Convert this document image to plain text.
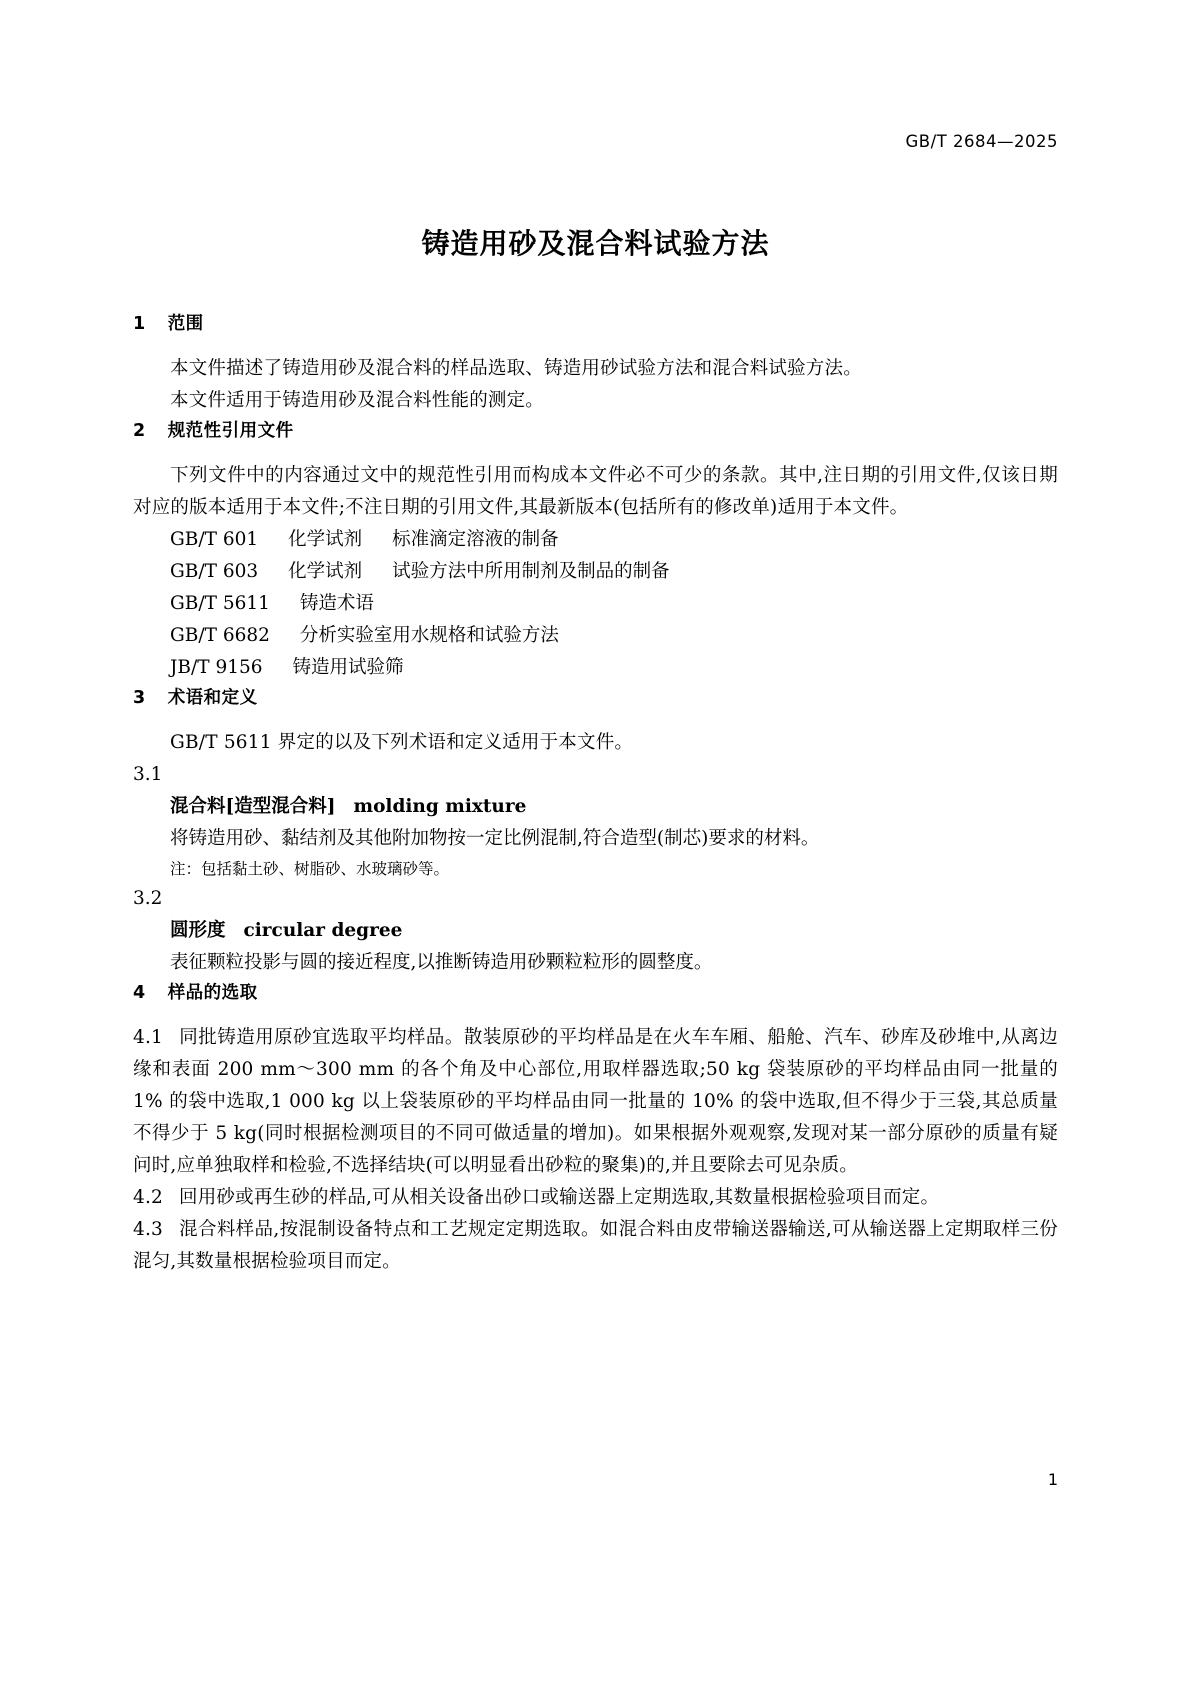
GB/T 2684—2025
铸造用砂及混合料试验方法
1 范围

本文件描述了铸造用砂及混合料的样品选取、铸造用砂试验方法和混合料试验方法。

本文件适用于铸造用砂及混合料性能的测定。

2 规范性引用文件

下列文件中的内容通过文中的规范性引用而构成本文件必不可少的条款。其中,注日期的引用文件,仅该日期对应的版本适用于本文件;不注日期的引用文件,其最新版本(包括所有的修改单)适用于本文件。

GB/T 601 化学试剂 标准滴定溶液的制备
GB/T 603 化学试剂 试验方法中所用制剂及制品的制备
GB/T 5611 铸造术语
GB/T 6682 分析实验室用水规格和试验方法
JB/T 9156 铸造用试验筛
3 术语和定义

GB/T 5611 界定的以及下列术语和定义适用于本文件。

3.1
混合料[造型混合料] molding mixture
将铸造用砂、黏结剂及其他附加物按一定比例混制,符合造型(制芯)要求的材料。
注：包括黏土砂、树脂砂、水玻璃砂等。
3.2
圆形度 circular degree
表征颗粒投影与圆的接近程度,以推断铸造用砂颗粒粒形的圆整度。
4 样品的选取

4.1 同批铸造用原砂宜选取平均样品。散装原砂的平均样品是在火车车厢、船舱、汽车、砂库及砂堆中,从离边缘和表面 200 mm～300 mm 的各个角及中心部位,用取样器选取;50 kg 袋装原砂的平均样品由同一批量的 1% 的袋中选取,1 000 kg 以上袋装原砂的平均样品由同一批量的 10% 的袋中选取,但不得少于三袋,其总质量不得少于 5 kg(同时根据检测项目的不同可做适量的增加)。如果根据外观观察,发现对某一部分原砂的质量有疑问时,应单独取样和检验,不选择结块(可以明显看出砂粒的聚集)的,并且要除去可见杂质。

4.2 回用砂或再生砂的样品,可从相关设备出砂口或输送器上定期选取,其数量根据检验项目而定。

4.3 混合料样品,按混制设备特点和工艺规定定期选取。如混合料由皮带输送器输送,可从输送器上定期取样三份混匀,其数量根据检验项目而定。

1
